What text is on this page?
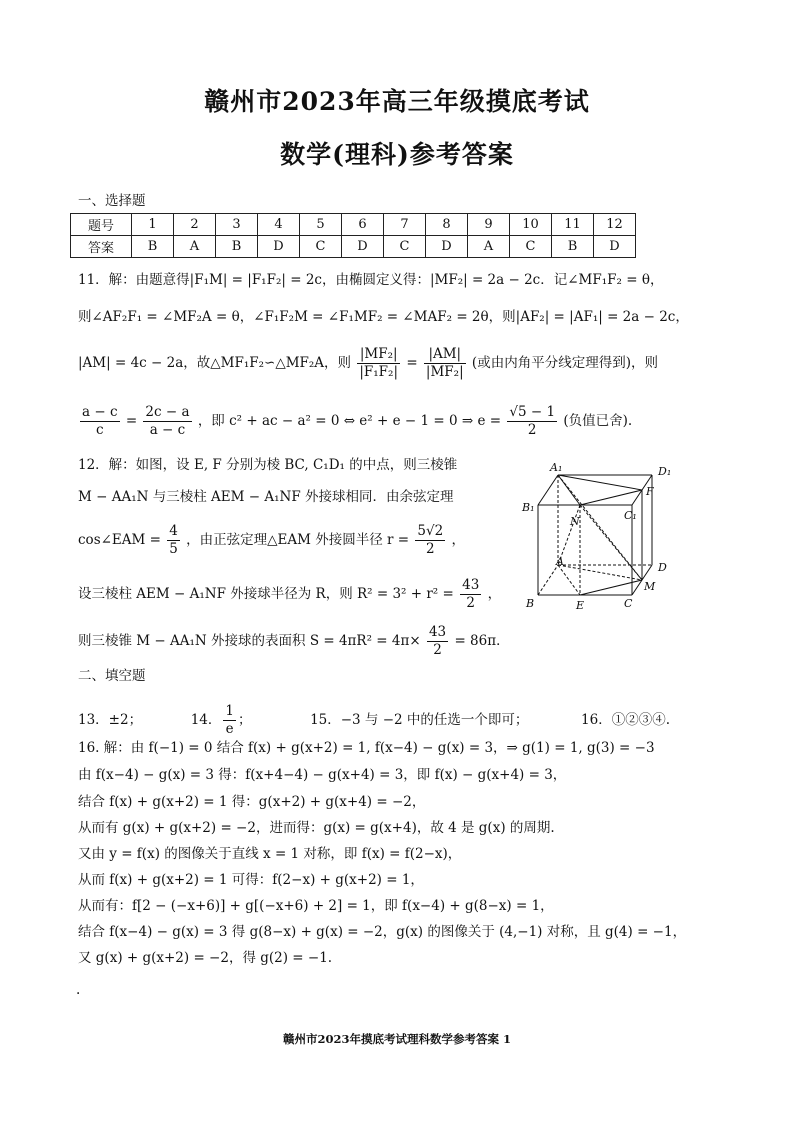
赣州市2023年高三年级摸底考试
数学(理科)参考答案
一、选择题
题号	1	2	3	4	5	6	7	8	9	10	11	12
答案	B	A	B	D	C	D	C	D	A	C	B	D
11．解：由题意得|F₁M| = |F₁F₂| = 2c，由椭圆定义得：|MF₂| = 2a − 2c．记∠MF₁F₂ = θ，
则∠AF₂F₁ = ∠MF₂A = θ，∠F₁F₂M = ∠F₁MF₂ = ∠MAF₂ = 2θ，则|AF₂| = |AF₁| = 2a − 2c，
|AM| = 4c − 2a，故△MF₁F₂∽△MF₂A，则 $\frac{\text{|MF₂|}}{\text{|F₁F₂|}} = \frac{|AM|}{\text{|MF₂|}}$ (或由内角平分线定理得到)，则
$\frac{a - c}{c} = \frac{2c - a}{a - c}$ ，即 c² + ac − a² = 0 ⇔ e² + e − 1 = 0 ⇒ $e = \frac{√5 - 1}{2}$ (负值已舍).
12．解：如图，设 E, F 分别为棱 BC, C₁D₁ 的中点，则三棱锥
M − AA₁N 与三棱柱 AEM − A₁NF 外接球相同．由余弦定理
cos∠EAM = $\frac{4}{5}$ ，由正弦定理△EAM 外接圆半径 $r = \frac{5√2}{2}$ ，
设三棱柱 AEM − A₁NF 外接球半径为 R，则 $R^2 = 3^2 + r^2 = \frac{43}{2}$ ，
则三棱锥 M − AA₁N 外接球的表面积 $S = 4\pi R^2 = 4\pi\times \frac{43}{2} = 86\pi$．
A₁	D₁
B₁
F
N	C₁
A	D
M
B	E	C
二、填空题
13．±2；	14． $\frac{1}{e}$ ；	15．−3 与 −2 中的任选一个即可；	16．①②③④.
16. 解：由 f(−1) = 0 结合 f(x) + g(x+2) = 1, f(x−4) − g(x) = 3，⇒ g(1) = 1, g(3) = −3
由 f(x−4) − g(x) = 3 得：f(x+4−4) − g(x+4) = 3，即 f(x) − g(x+4) = 3，
结合 f(x) + g(x+2) = 1 得：g(x+2) + g(x+4) = −2，
从而有 g(x) + g(x+2) = −2，进而得：g(x) = g(x+4)，故 4 是 g(x) 的周期.
又由 y = f(x) 的图像关于直线 x = 1 对称，即 f(x) = f(2−x)，
从而 f(x) + g(x+2) = 1 可得：f(2−x) + g(x+2) = 1，
从而有：f[2 − (−x+6)] + g[(−x+6) + 2] = 1，即 f(x−4) + g(8−x) = 1，
结合 f(x−4) − g(x) = 3 得 g(8−x) + g(x) = −2，g(x) 的图像关于 (4,−1) 对称，且 g(4) = −1，
又 g(x) + g(x+2) = −2，得 g(2) = −1.
.
赣州市2023年摸底考试理科数学参考答案 1
